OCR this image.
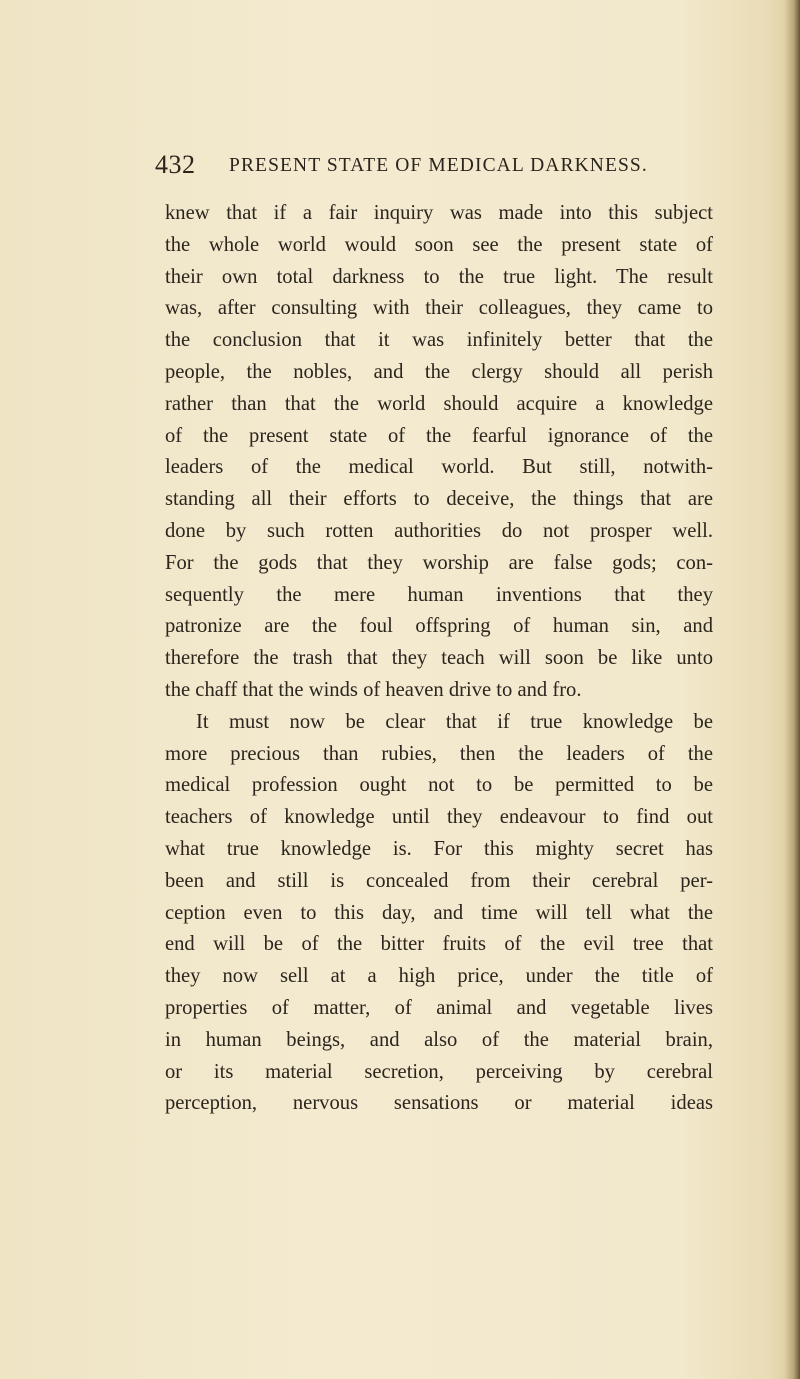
432 PRESENT STATE OF MEDICAL DARKNESS.
knew that if a fair inquiry was made into this subject
the whole world would soon see the present state of
their own total darkness to the true light. The result
was, after consulting with their colleagues, they came to
the conclusion that it was infinitely better that the
people, the nobles, and the clergy should all perish
rather than that the world should acquire a knowledge
of the present state of the fearful ignorance of the
leaders of the medical world. But still, notwith-
standing all their efforts to deceive, the things that are
done by such rotten authorities do not prosper well.
For the gods that they worship are false gods; con-
sequently the mere human inventions that they
patronize are the foul offspring of human sin, and
therefore the trash that they teach will soon be like unto
the chaff that the winds of heaven drive to and fro.
It must now be clear that if true knowledge be
more precious than rubies, then the leaders of the
medical profession ought not to be permitted to be
teachers of knowledge until they endeavour to find out
what true knowledge is. For this mighty secret has
been and still is concealed from their cerebral per-
ception even to this day, and time will tell what the
end will be of the bitter fruits of the evil tree that
they now sell at a high price, under the title of
properties of matter, of animal and vegetable lives
in human beings, and also of the material brain,
or its material secretion, perceiving by cerebral
perception, nervous sensations or material ideas
